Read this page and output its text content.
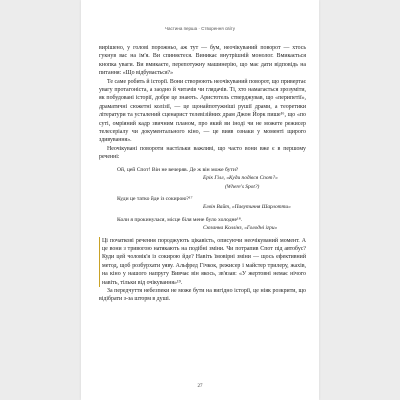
Частина перша · Створення світу

вирішено, у голові порожньо, аж тут — бум, неочікуваний поворот — хтось гукнув вас на ім'я. Ви спиняєтеся. Виникає внутрішній монолог. Вмикається кнопка уваги. Ви вмикаєте, перепотужну машинерію, що має дати відповідь на питання: «Що відбувається?»

Те саме робить й історії. Вони створюють неочікуваний поворот, що привертає увагу протагоніста, а заодно й читачів чи глядачів. Ті, хто намагається зрозуміти, як побудовані історії, добре це знають. Аристотель стверджував, що «перипетії», драматичні сюжетні колізії, — це щонайпотужніші рушії драми, а теоретики літератури та усталений сценарист телевізійних драм Джон Йорк пише¹⁶, що «по суті, омріяний кадр звичним планом, про який ви іноді чи не можете режисер телесеріалу чи документального кіно, — це вияв ознаки у моменті щирого здивування».

Неочікувані повороти настільки важливі, що часто вони вже є в першому реченні:

Ой, цей Спот! Він не вечеряв. Де ж він може бути?
Ерік Гілл, «Куди подівся Спот?»
(Where's Spot?)
Куди це татко йде із сокирою?¹⁷
Елвін Вайт, «Павутиння Шарлотти»
Коли я прокинулася, місце біля мене було холодне¹⁸.
Сюзанна Коллінз, «Голодні ігри»

Ці початкові речення породжують цікавість, описуючи неочікуваний момент. А це вони з тривогою натякають на подібні зміни. Чи потрапив Спот під автобус? Куди цей чоловік'я із сокирою йде? Навіть їмовірні зміни — щось ефективний метод, щоб розбурхати уяву. Альфред Гічкок, режисер і майстер трилеру, жахів, на кіно у нашого напругу Вивчає він якось, зв'язав: «У жертовні немає нічого навіть, тільки від очікування»¹⁹.

За передчуття небезпеки не може бути на вигідно історії, це ніяк розкрити, що відібрати з-за шторм в душі.

27
